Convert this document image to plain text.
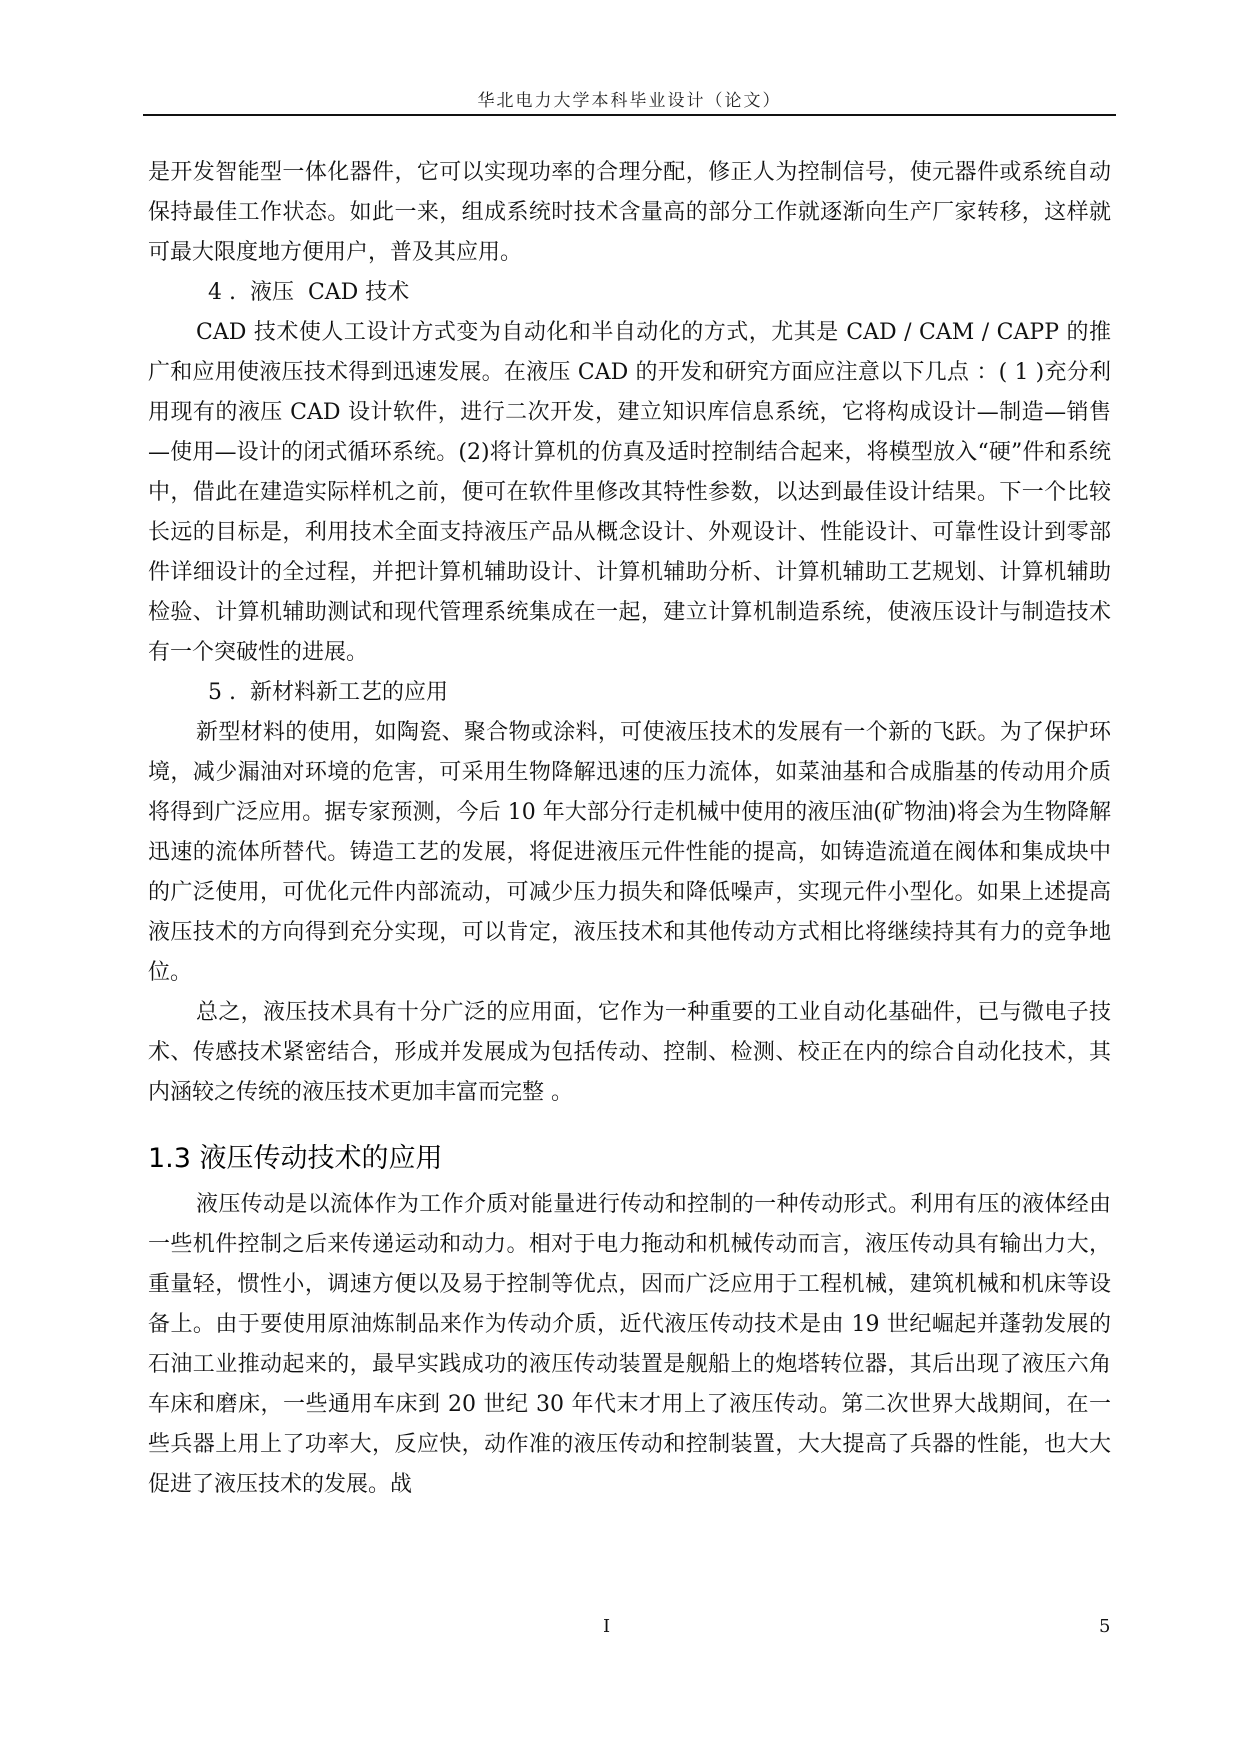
华北电力大学本科毕业设计（论文）

是开发智能型一体化器件，它可以实现功率的合理分配，修正人为控制信号，使元器件或系统自动保持最佳工作状态。如此一来，组成系统时技术含量高的部分工作就逐渐向生产厂家转移，这样就可最大限度地方便用户，普及其应用。

4 .  液压  CAD 技术

CAD 技术使人工设计方式变为自动化和半自动化的方式，尤其是 CAD / CAM / CAPP 的推广和应用使液压技术得到迅速发展。在液压 CAD 的开发和研究方面应注意以下几点 ：( 1 )充分利用现有的液压 CAD 设计软件，进行二次开发，建立知识库信息系统，它将构成设计—制造—销售—使用—设计的闭式循环系统。(2)将计算机的仿真及适时控制结合起来，将模型放入“硬”件和系统中，借此在建造实际样机之前，便可在软件里修改其特性参数，以达到最佳设计结果。下一个比较长远的目标是，利用技术全面支持液压产品从概念设计、外观设计、性能设计、可靠性设计到零部件详细设计的全过程，并把计算机辅助设计、计算机辅助分析、计算机辅助工艺规划、计算机辅助检验、计算机辅助测试和现代管理系统集成在一起，建立计算机制造系统，使液压设计与制造技术有一个突破性的进展。

5 .  新材料新工艺的应用

新型材料的使用，如陶瓷、聚合物或涂料，可使液压技术的发展有一个新的飞跃。为了保护环境，减少漏油对环境的危害，可采用生物降解迅速的压力流体，如菜油基和合成脂基的传动用介质将得到广泛应用。据专家预测，今后 10 年大部分行走机械中使用的液压油(矿物油)将会为生物降解迅速的流体所替代。铸造工艺的发展，将促进液压元件性能的提高，如铸造流道在阀体和集成块中的广泛使用，可优化元件内部流动，可减少压力损失和降低噪声，实现元件小型化。如果上述提高液压技术的方向得到充分实现，可以肯定，液压技术和其他传动方式相比将继续持其有力的竞争地位。

总之，液压技术具有十分广泛的应用面，它作为一种重要的工业自动化基础件，已与微电子技术、传感技术紧密结合，形成并发展成为包括传动、控制、检测、校正在内的综合自动化技术，其内涵较之传统的液压技术更加丰富而完整 。

1.3 液压传动技术的应用

液压传动是以流体作为工作介质对能量进行传动和控制的一种传动形式。利用有压的液体经由一些机件控制之后来传递运动和动力。相对于电力拖动和机械传动而言，液压传动具有输出力大，重量轻，惯性小，调速方便以及易于控制等优点，因而广泛应用于工程机械，建筑机械和机床等设备上。由于要使用原油炼制品来作为传动介质，近代液压传动技术是由 19 世纪崛起并蓬勃发展的石油工业推动起来的，最早实践成功的液压传动装置是舰船上的炮塔转位器，其后出现了液压六角车床和磨床，一些通用车床到 20 世纪 30 年代末才用上了液压传动。第二次世界大战期间，在一些兵器上用上了功率大，反应快，动作准的液压传动和控制装置，大大提高了兵器的性能，也大大促进了液压技术的发展。战

I	5
